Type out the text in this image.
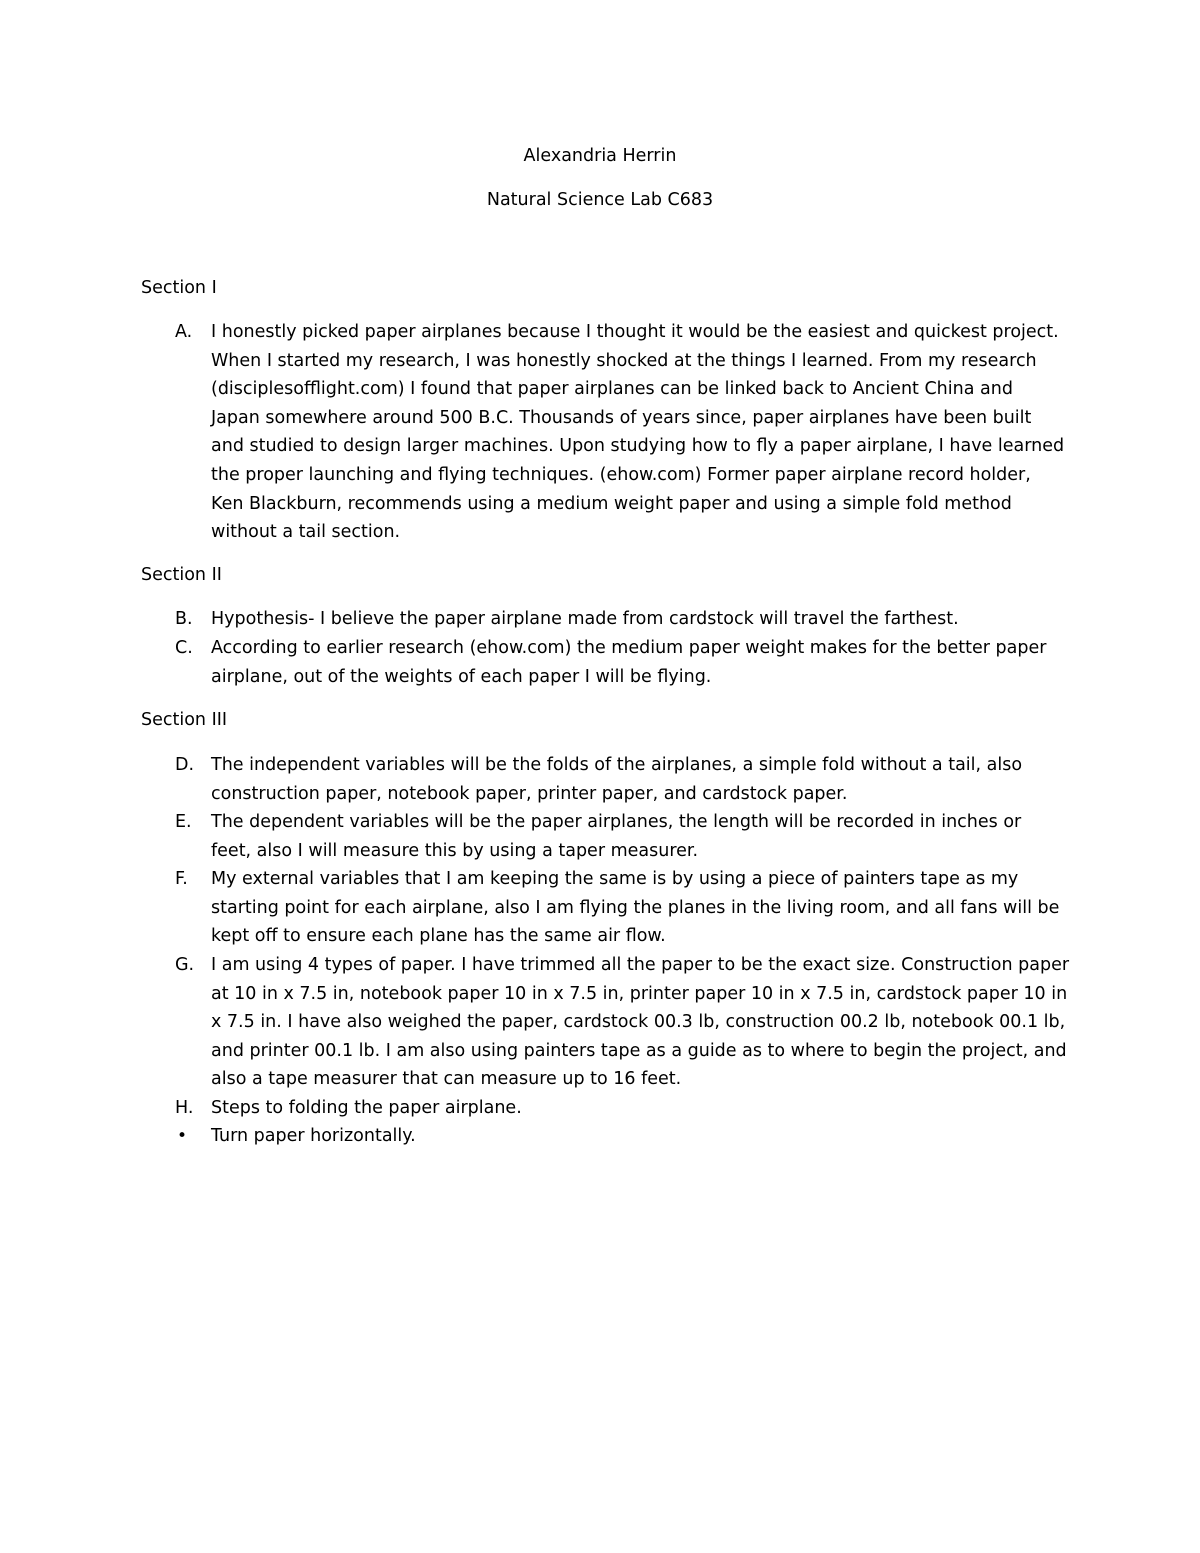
Alexandria Herrin
Natural Science Lab C683
Section I
A. I honestly picked paper airplanes because I thought it would be the easiest and quickest project.
When I started my research, I was honestly shocked at the things I learned. From my research
(disciplesofflight.com) I found that paper airplanes can be linked back to Ancient China and
Japan somewhere around 500 B.C. Thousands of years since, paper airplanes have been built
and studied to design larger machines. Upon studying how to fly a paper airplane, I have learned
the proper launching and flying techniques. (ehow.com) Former paper airplane record holder,
Ken Blackburn, recommends using a medium weight paper and using a simple fold method
without a tail section.
Section II
B. Hypothesis- I believe the paper airplane made from cardstock will travel the farthest.
C. According to earlier research (ehow.com) the medium paper weight makes for the better paper
airplane, out of the weights of each paper I will be flying.
Section III
D. The independent variables will be the folds of the airplanes, a simple fold without a tail, also
construction paper, notebook paper, printer paper, and cardstock paper.
E. The dependent variables will be the paper airplanes, the length will be recorded in inches or
feet, also I will measure this by using a taper measurer.
F. My external variables that I am keeping the same is by using a piece of painters tape as my
starting point for each airplane, also I am flying the planes in the living room, and all fans will be
kept off to ensure each plane has the same air flow.
G. I am using 4 types of paper. I have trimmed all the paper to be the exact size. Construction paper
at 10 in x 7.5 in, notebook paper 10 in x 7.5 in, printer paper 10 in x 7.5 in, cardstock paper 10 in
x 7.5 in. I have also weighed the paper, cardstock 00.3 lb, construction 00.2 lb, notebook 00.1 lb,
and printer 00.1 lb. I am also using painters tape as a guide as to where to begin the project, and
also a tape measurer that can measure up to 16 feet.
H. Steps to folding the paper airplane.
• Turn paper horizontally.
